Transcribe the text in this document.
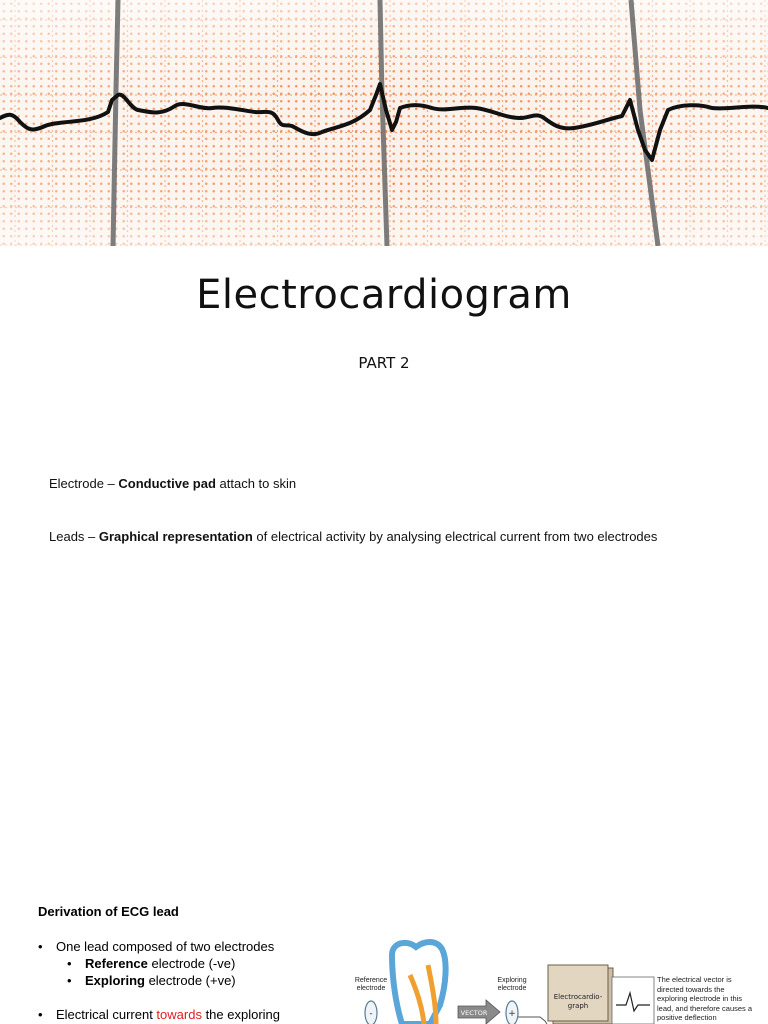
Electrocardiogram
PART 2
Electrode – Conductive pad attach to skin
Leads – Graphical representation of electrical activity by analysing electrical current from two electrodes
Derivation of ECG lead
• One lead composed of two electrodes
• Reference electrode (-ve)
• Exploring electrode (+ve)
• Electrical current towards the exploring	-	VECTOR +
Electrocardio-
graph
Reference
electrode
Exploring
electrode
The electrical vector is directed towards the exploring electrode in this lead, and therefore causes a positive deflection
